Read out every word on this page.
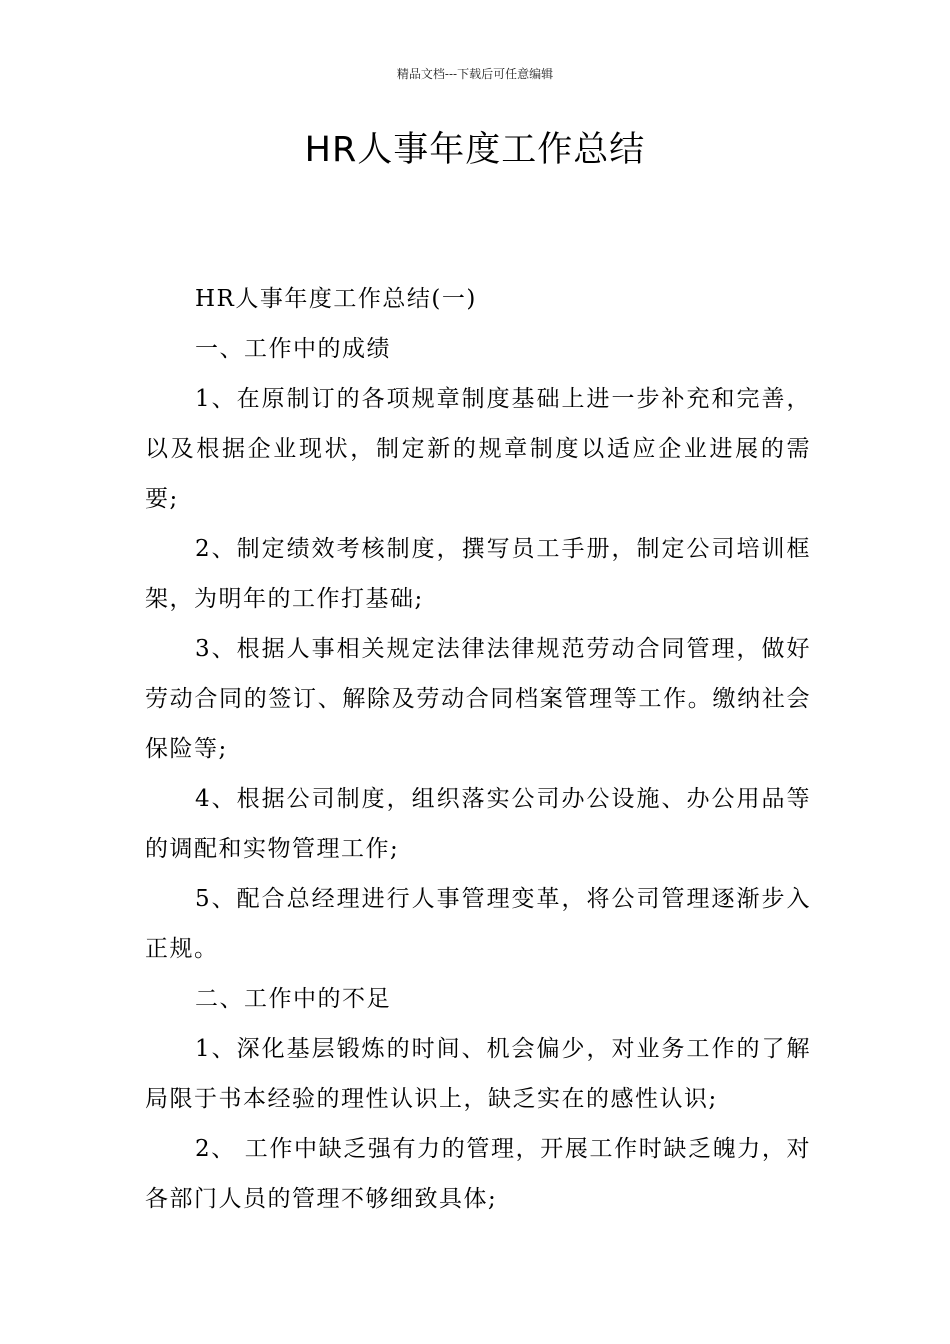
精品文档---下载后可任意编辑
HR人事年度工作总结

HR人事年度工作总结(一)

一、工作中的成绩

1、在原制订的各项规章制度基础上进一步补充和完善，以及根据企业现状，制定新的规章制度以适应企业进展的需要;

2、制定绩效考核制度，撰写员工手册，制定公司培训框架，为明年的工作打基础;

3、根据人事相关规定法律法律规范劳动合同管理，做好劳动合同的签订、解除及劳动合同档案管理等工作。缴纳社会保险等;

4、根据公司制度，组织落实公司办公设施、办公用品等的调配和实物管理工作;

5、配合总经理进行人事管理变革，将公司管理逐渐步入正规。

二、工作中的不足

1、深化基层锻炼的时间、机会偏少，对业务工作的了解局限于书本经验的理性认识上，缺乏实在的感性认识;

2、 工作中缺乏强有力的管理，开展工作时缺乏魄力，对各部门人员的管理不够细致具体;
